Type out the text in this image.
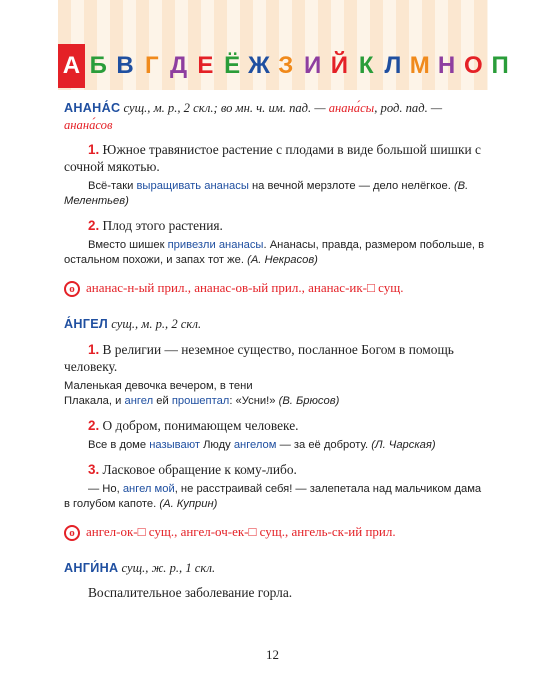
А Б В Г Д Е Ё Ж З И Й К Л М Н О П
АНАНА́С сущ., м. р., 2 скл.; во мн. ч. им. пад. — анана́сы, род. пад. — анана́сов

1. Южное травянистое растение с плодами в виде большой шишки с сочной мякотью.

Всё-таки выращивать ананасы на вечной мерзлоте — дело нелёгкое. (В. Мелентьев)

2. Плод этого растения.

Вместо шишек привезли ананасы. Ананасы, правда, размером побольше, в остальном похожи, и запах тот же. (А. Некрасов)

о ананас-н-ый прил., ананас-ов-ый прил., ананас-ик-□ сущ.

А́НГЕЛ сущ., м. р., 2 скл.

1. В религии — неземное существо, посланное Богом в помощь человеку.

Маленькая девочка вечером, в тени
Плакала, и ангел ей прошептал: «Усни!» (В. Брюсов)

2. О добром, понимающем человеке.

Все в доме называют Люду ангелом — за её доброту. (Л. Чарская)

3. Ласковое обращение к кому-либо.

— Но, ангел мой, не расстраивай себя! — залепетала над мальчиком дама в голубом капоте. (А. Куприн)

о ангел-ок-□ сущ., ангел-оч-ек-□ сущ., ангель-ск-ий прил.

АНГИ́НА сущ., ж. р., 1 скл.

Воспалительное заболевание горла.

12
